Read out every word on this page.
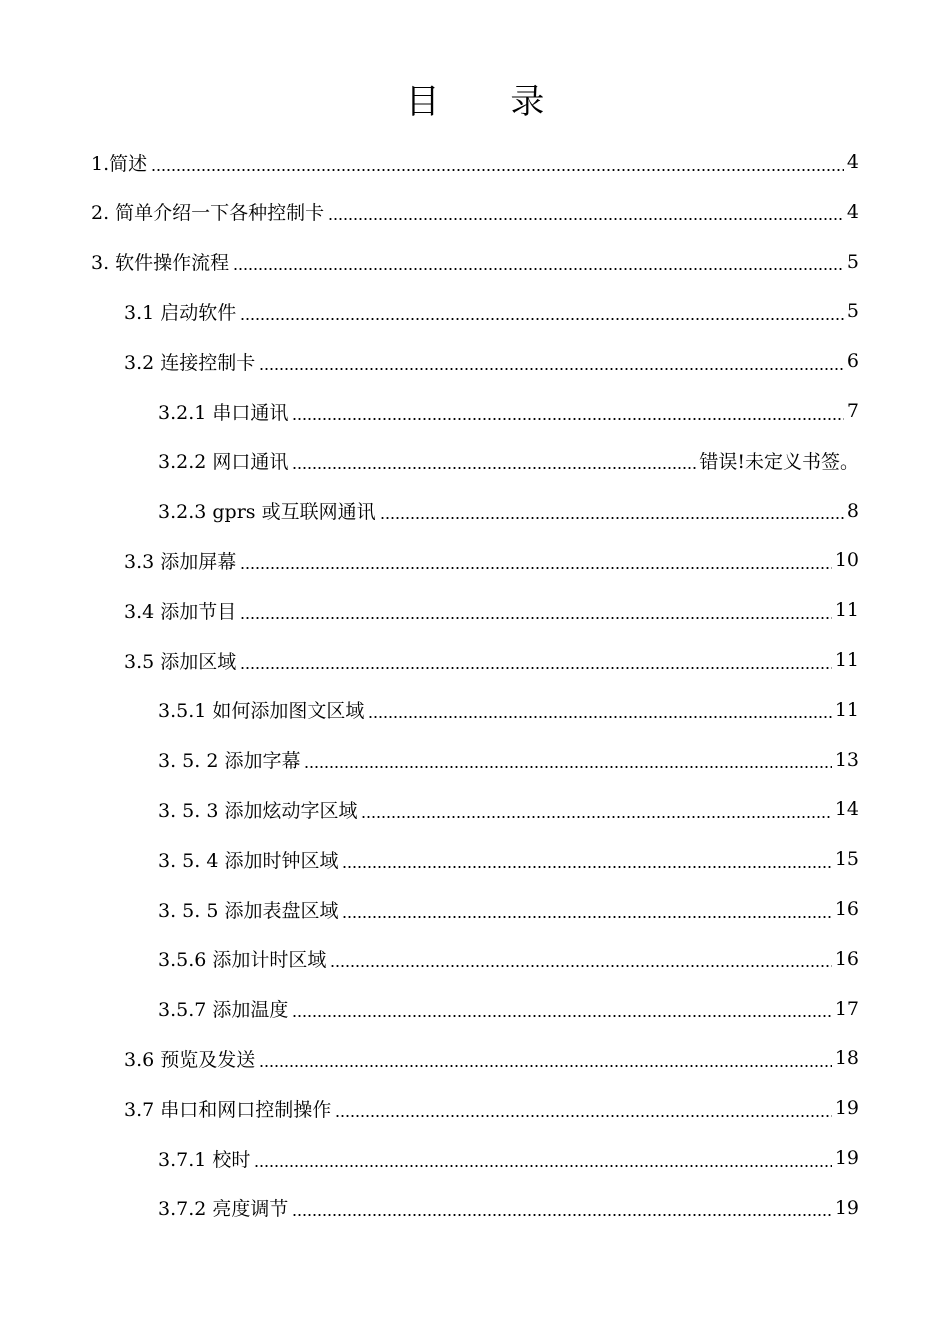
目 录
1.简述	4
2. 简单介绍一下各种控制卡	4
3. 软件操作流程	5
3.1 启动软件	5
3.2 连接控制卡	6
3.2.1 串口通讯	7
3.2.2 网口通讯	错误!未定义书签。
3.2.3 gprs 或互联网通讯	8
3.3 添加屏幕	10
3.4 添加节目	11
3.5 添加区域	11
3.5.1 如何添加图文区域	11
3. 5. 2 添加字幕	13
3. 5. 3 添加炫动字区域	14
3. 5. 4 添加时钟区域	15
3. 5. 5 添加表盘区域	16
3.5.6 添加计时区域	16
3.5.7 添加温度	17
3.6 预览及发送	18
3.7 串口和网口控制操作	19
3.7.1 校时	19
3.7.2 亮度调节	19
